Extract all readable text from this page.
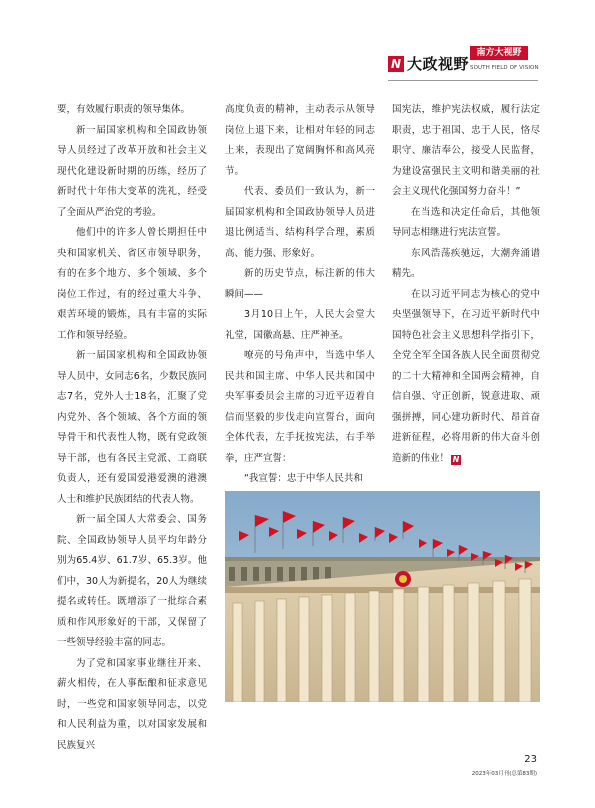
N 大政视野
南方大视野
SOUTH FIELD OF VISION

要，有效履行职责的领导集体。

新一届国家机构和全国政协领导人员经过了改革开放和社会主义现代化建设新时期的历练，经历了新时代十年伟大变革的洗礼，经受了全面从严治党的考验。

他们中的许多人曾长期担任中央和国家机关、省区市领导职务，有的在多个地方、多个领域、多个岗位工作过，有的经过重大斗争、艰苦环境的锻炼，具有丰富的实际工作和领导经验。

新一届国家机构和全国政协领导人员中，女同志6名，少数民族同志7名，党外人士18名，汇聚了党内党外、各个领域、各个方面的领导骨干和代表性人物，既有党政领导干部，也有各民主党派、工商联负责人，还有爱国爱港爱澳的港澳人士和维护民族团结的代表人物。

新一届全国人大常委会、国务院、全国政协领导人员平均年龄分别为65.4岁、61.7岁、65.3岁。他们中，30人为新提名，20人为继续提名或转任。既增添了一批综合素质和作风形象好的干部，又保留了一些领导经验丰富的同志。

为了党和国家事业继往开来、薪火相传，在人事酝酿和征求意见时，一些党和国家领导同志，以党和人民利益为重，以对国家发展和民族复兴

高度负责的精神，主动表示从领导岗位上退下来，让相对年轻的同志上来，表现出了宽阔胸怀和高风亮节。

代表、委员们一致认为，新一届国家机构和全国政协领导人员进退比例适当、结构科学合理，素质高、能力强、形象好。

新的历史节点，标注新的伟大瞬间——

3月10日上午，人民大会堂大礼堂，国徽高悬、庄严神圣。

嘹亮的号角声中，当选中华人民共和国主席、中华人民共和国中央军事委员会主席的习近平迈着自信而坚毅的步伐走向宣誓台，面向全体代表，左手抚按宪法，右手举拳，庄严宣誓：

“我宣誓：忠于中华人民共和

国宪法，维护宪法权威，履行法定职责，忠于祖国、忠于人民，恪尽职守、廉洁奉公，接受人民监督，为建设富强民主文明和谐美丽的社会主义现代化强国努力奋斗！”

在当选和决定任命后，其他领导同志相继进行宪法宣誓。

东风浩荡疾驰远，大潮奔涌谱精先。

在以习近平同志为核心的党中央坚强领导下，在习近平新时代中国特色社会主义思想科学指引下，全党全军全国各族人民全面贯彻党的二十大精神和全国两会精神，自信自强、守正创新，锐意进取、顽强拼搏，同心建功新时代、昂首奋进新征程，必将用新的伟大奋斗创造新的伟业！ N

23
2023年03月刊(总第83期)
